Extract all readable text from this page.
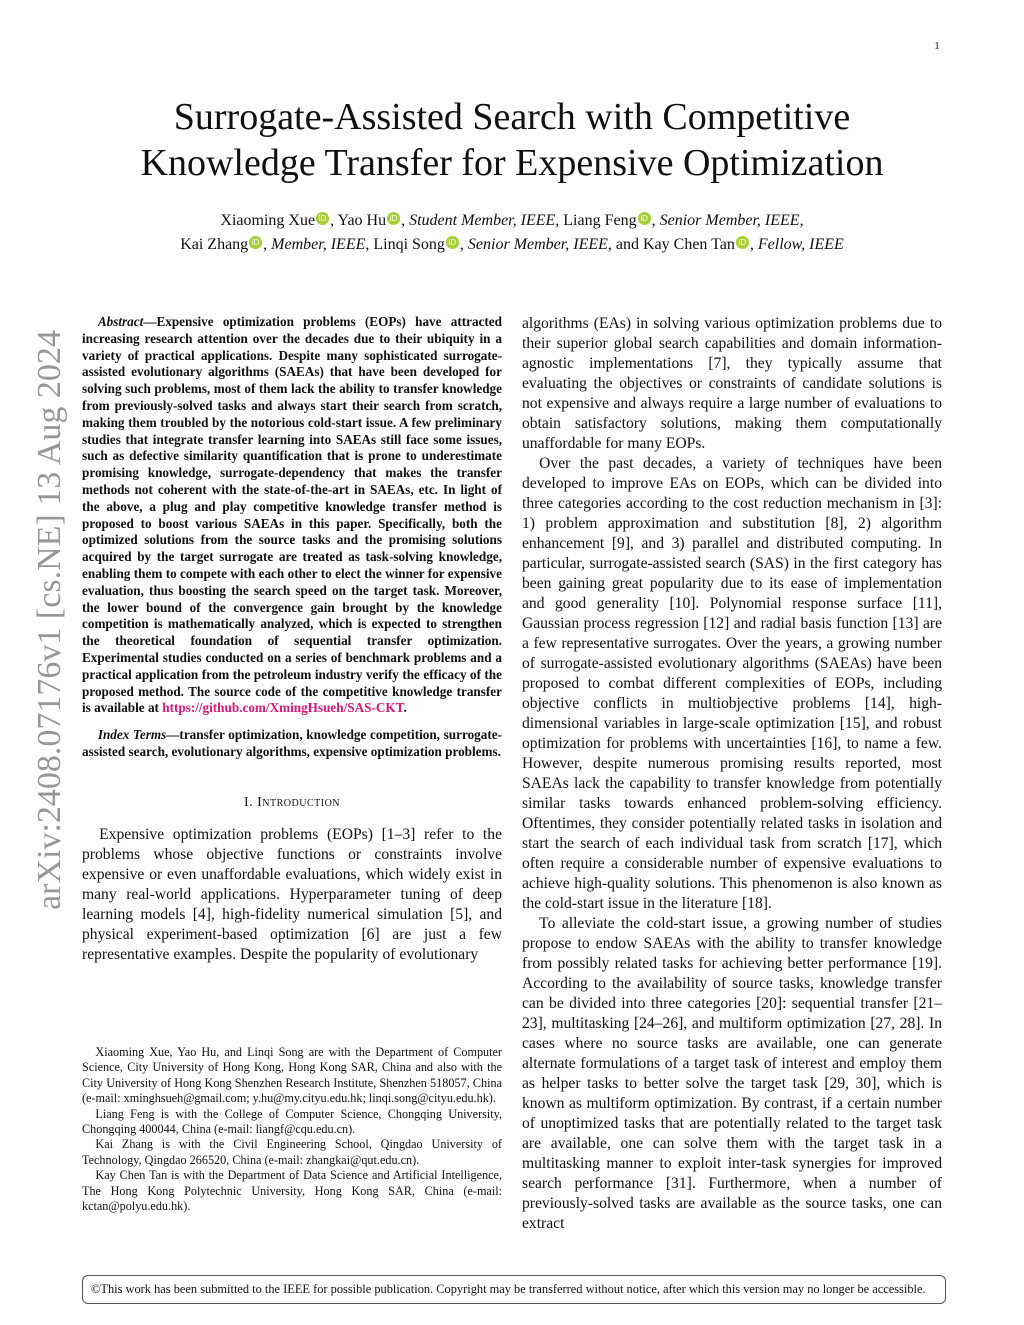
1
Surrogate-Assisted Search with Competitive
Knowledge Transfer for Expensive Optimization
Xiaoming Xue iD , Yao Hu iD , Student Member, IEEE, Liang Feng iD , Senior Member, IEEE,
Kai Zhang iD , Member, IEEE, Linqi Song iD , Senior Member, IEEE, and Kay Chen Tan iD , Fellow, IEEE

Abstract—Expensive optimization problems (EOPs) have attracted increasing research attention over the decades due to their ubiquity in a variety of practical applications. Despite many sophisticated surrogate-assisted evolutionary algorithms (SAEAs) that have been developed for solving such problems, most of them lack the ability to transfer knowledge from previously-solved tasks and always start their search from scratch, making them troubled by the notorious cold-start issue. A few preliminary studies that integrate transfer learning into SAEAs still face some issues, such as defective similarity quantification that is prone to underestimate promising knowledge, surrogate-dependency that makes the transfer methods not coherent with the state-of-the-art in SAEAs, etc. In light of the above, a plug and play competitive knowledge transfer method is proposed to boost various SAEAs in this paper. Specifically, both the optimized solutions from the source tasks and the promising solutions acquired by the target surrogate are treated as task-solving knowledge, enabling them to compete with each other to elect the winner for expensive evaluation, thus boosting the search speed on the target task. Moreover, the lower bound of the convergence gain brought by the knowledge competition is mathematically analyzed, which is expected to strengthen the theoretical foundation of sequential transfer optimization. Experimental studies conducted on a series of benchmark problems and a practical application from the petroleum industry verify the efficacy of the proposed method. The source code of the competitive knowledge transfer is available at https://github.com/XmingHsueh/SAS-CKT.

Index Terms—transfer optimization, knowledge competition, surrogate-assisted search, evolutionary algorithms, expensive optimization problems.

I. Introduction

Expensive optimization problems (EOPs) [1–3] refer to the problems whose objective functions or constraints involve expensive or even unaffordable evaluations, which widely exist in many real-world applications. Hyperparameter tuning of deep learning models [4], high-fidelity numerical simulation [5], and physical experiment-based optimization [6] are just a few representative examples. Despite the popularity of evolutionary

Xiaoming Xue, Yao Hu, and Linqi Song are with the Department of Computer Science, City University of Hong Kong, Hong Kong SAR, China and also with the City University of Hong Kong Shenzhen Research Institute, Shenzhen 518057, China (e-mail: xminghsueh@gmail.com; y.hu@my.cityu.edu.hk; linqi.song@cityu.edu.hk).

Liang Feng is with the College of Computer Science, Chongqing University, Chongqing 400044, China (e-mail: liangf@cqu.edu.cn).

Kai Zhang is with the Civil Engineering School, Qingdao University of Technology, Qingdao 266520, China (e-mail: zhangkai@qut.edu.cn).

Kay Chen Tan is with the Department of Data Science and Artificial Intelligence, The Hong Kong Polytechnic University, Hong Kong SAR, China (e-mail: kctan@polyu.edu.hk).

algorithms (EAs) in solving various optimization problems due to their superior global search capabilities and domain information-agnostic implementations [7], they typically assume that evaluating the objectives or constraints of candidate solutions is not expensive and always require a large number of evaluations to obtain satisfactory solutions, making them computationally unaffordable for many EOPs.

Over the past decades, a variety of techniques have been developed to improve EAs on EOPs, which can be divided into three categories according to the cost reduction mechanism in [3]: 1) problem approximation and substitution [8], 2) algorithm enhancement [9], and 3) parallel and distributed computing. In particular, surrogate-assisted search (SAS) in the first category has been gaining great popularity due to its ease of implementation and good generality [10]. Polynomial response surface [11], Gaussian process regression [12] and radial basis function [13] are a few representative surrogates. Over the years, a growing number of surrogate-assisted evolutionary algorithms (SAEAs) have been proposed to combat different complexities of EOPs, including objective conflicts in multiobjective problems [14], high-dimensional variables in large-scale optimization [15], and robust optimization for problems with uncertainties [16], to name a few. However, despite numerous promising results reported, most SAEAs lack the capability to transfer knowledge from potentially similar tasks towards enhanced problem-solving efficiency. Oftentimes, they consider potentially related tasks in isolation and start the search of each individual task from scratch [17], which often require a considerable number of expensive evaluations to achieve high-quality solutions. This phenomenon is also known as the cold-start issue in the literature [18].

To alleviate the cold-start issue, a growing number of studies propose to endow SAEAs with the ability to transfer knowledge from possibly related tasks for achieving better performance [19]. According to the availability of source tasks, knowledge transfer can be divided into three categories [20]: sequential transfer [21–23], multitasking [24–26], and multiform optimization [27, 28]. In cases where no source tasks are available, one can generate alternate formulations of a target task of interest and employ them as helper tasks to better solve the target task [29, 30], which is known as multiform optimization. By contrast, if a certain number of unoptimized tasks that are potentially related to the target task are available, one can solve them with the target task in a multitasking manner to exploit inter-task synergies for improved search performance [31]. Furthermore, when a number of previously-solved tasks are available as the source tasks, one can extract

©This work has been submitted to the IEEE for possible publication. Copyright may be transferred without notice, after which this version may no longer be accessible.
arXiv:2408.07176v1 [cs.NE] 13 Aug 2024
